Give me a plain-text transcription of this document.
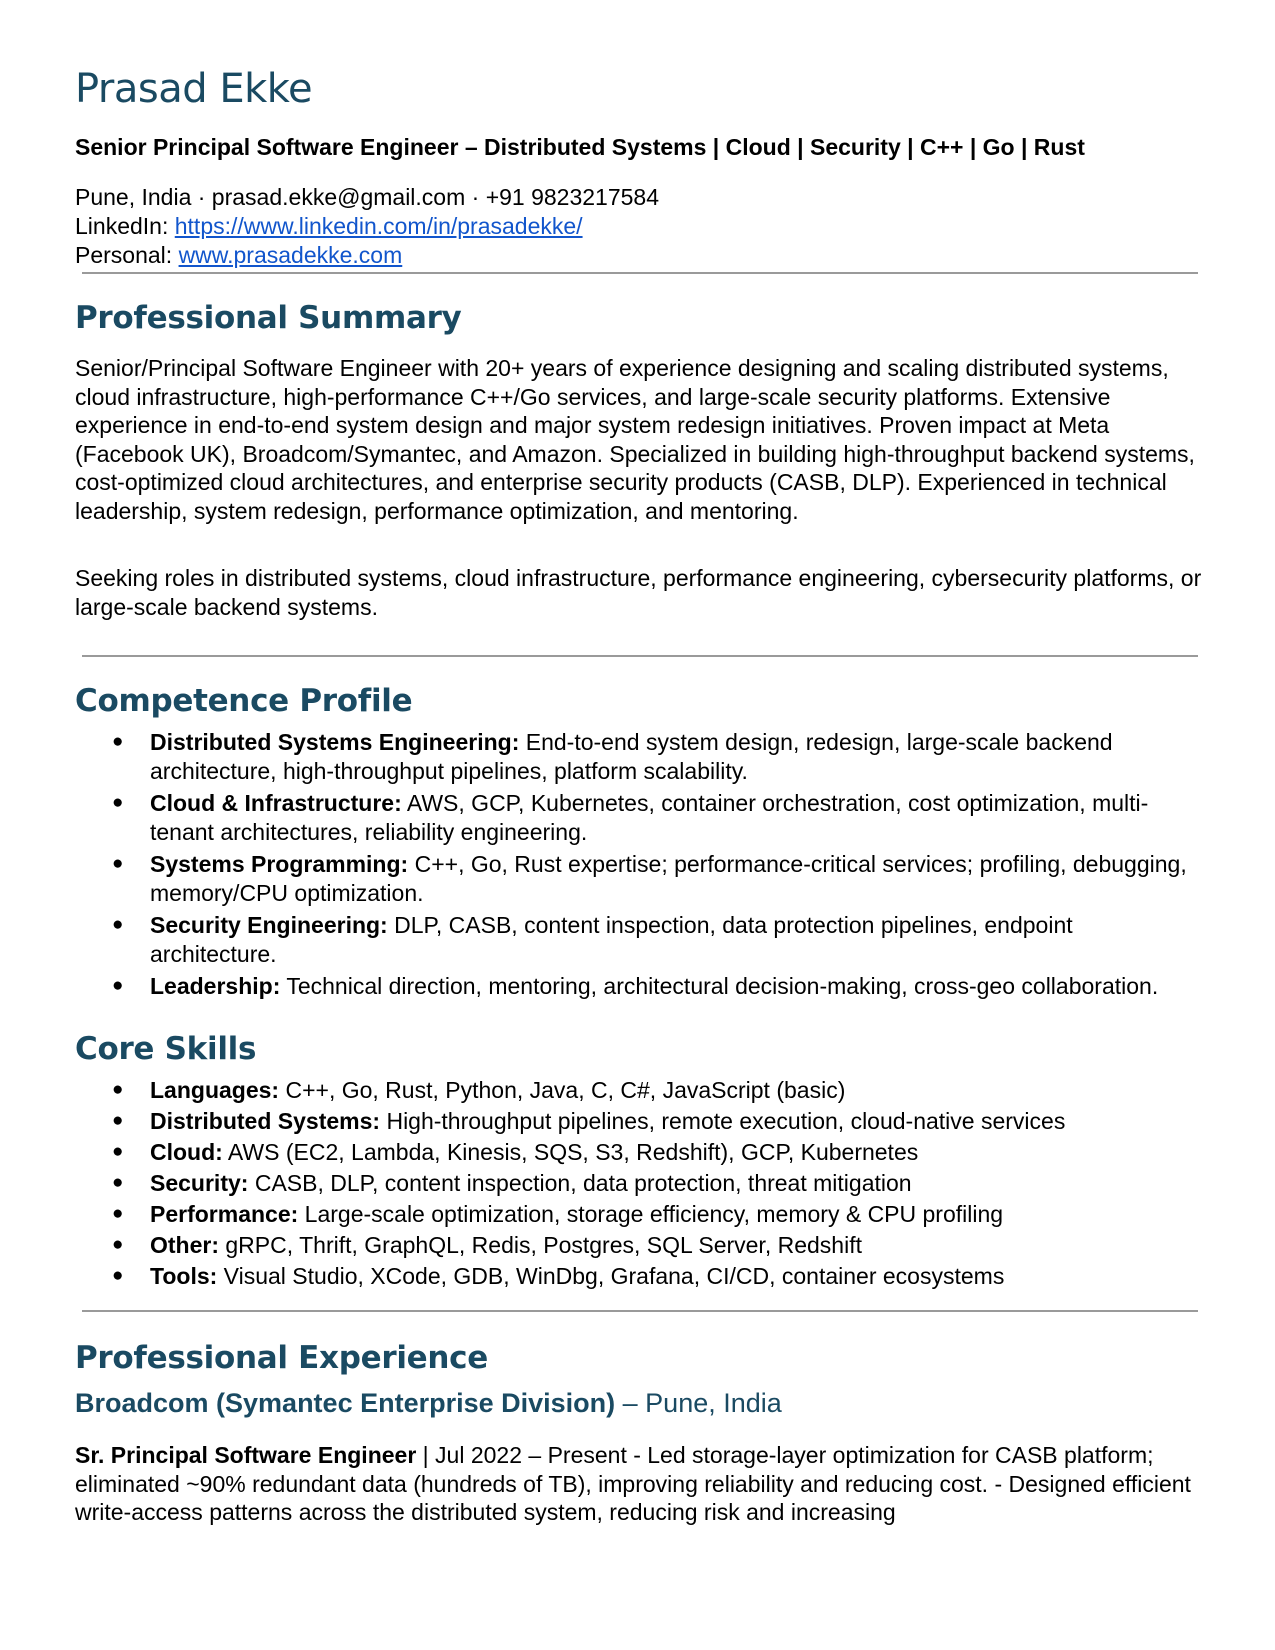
Prasad Ekke
Senior Principal Software Engineer – Distributed Systems | Cloud | Security | C++ | Go | Rust
Pune, India · prasad.ekke@gmail.com · +91 9823217584
LinkedIn: https://www.linkedin.com/in/prasadekke/
Personal: www.prasadekke.com
Professional Summary

Senior/Principal Software Engineer with 20+ years of experience designing and scaling distributed systems, cloud infrastructure, high-performance C++/Go services, and large-scale security platforms. Extensive experience in end-to-end system design and major system redesign initiatives. Proven impact at Meta (Facebook UK), Broadcom/Symantec, and Amazon. Specialized in building high-throughput backend systems, cost-optimized cloud architectures, and enterprise security products (CASB, DLP). Experienced in technical leadership, system redesign, performance optimization, and mentoring.

Seeking roles in distributed systems, cloud infrastructure, performance engineering, cybersecurity platforms, or large-scale backend systems.

Competence Profile
● Distributed Systems Engineering: End-to-end system design, redesign, large-scale backend architecture, high-throughput pipelines, platform scalability.
● Cloud & Infrastructure: AWS, GCP, Kubernetes, container orchestration, cost optimization, multi-tenant architectures, reliability engineering.
● Systems Programming: C++, Go, Rust expertise; performance-critical services; profiling, debugging, memory/CPU optimization.
● Security Engineering: DLP, CASB, content inspection, data protection pipelines, endpoint architecture.
● Leadership: Technical direction, mentoring, architectural decision-making, cross-geo collaboration.
Core Skills
● Languages: C++, Go, Rust, Python, Java, C, C#, JavaScript (basic)
● Distributed Systems: High-throughput pipelines, remote execution, cloud-native services
● Cloud: AWS (EC2, Lambda, Kinesis, SQS, S3, Redshift), GCP, Kubernetes
● Security: CASB, DLP, content inspection, data protection, threat mitigation
● Performance: Large-scale optimization, storage efficiency, memory & CPU profiling
● Other: gRPC, Thrift, GraphQL, Redis, Postgres, SQL Server, Redshift
● Tools: Visual Studio, XCode, GDB, WinDbg, Grafana, CI/CD, container ecosystems
Professional Experience
Broadcom (Symantec Enterprise Division) – Pune, India

Sr. Principal Software Engineer | Jul 2022 – Present - Led storage-layer optimization for CASB platform; eliminated ~90% redundant data (hundreds of TB), improving reliability and reducing cost. - Designed efficient write-access patterns across the distributed system, reducing risk and increasing
